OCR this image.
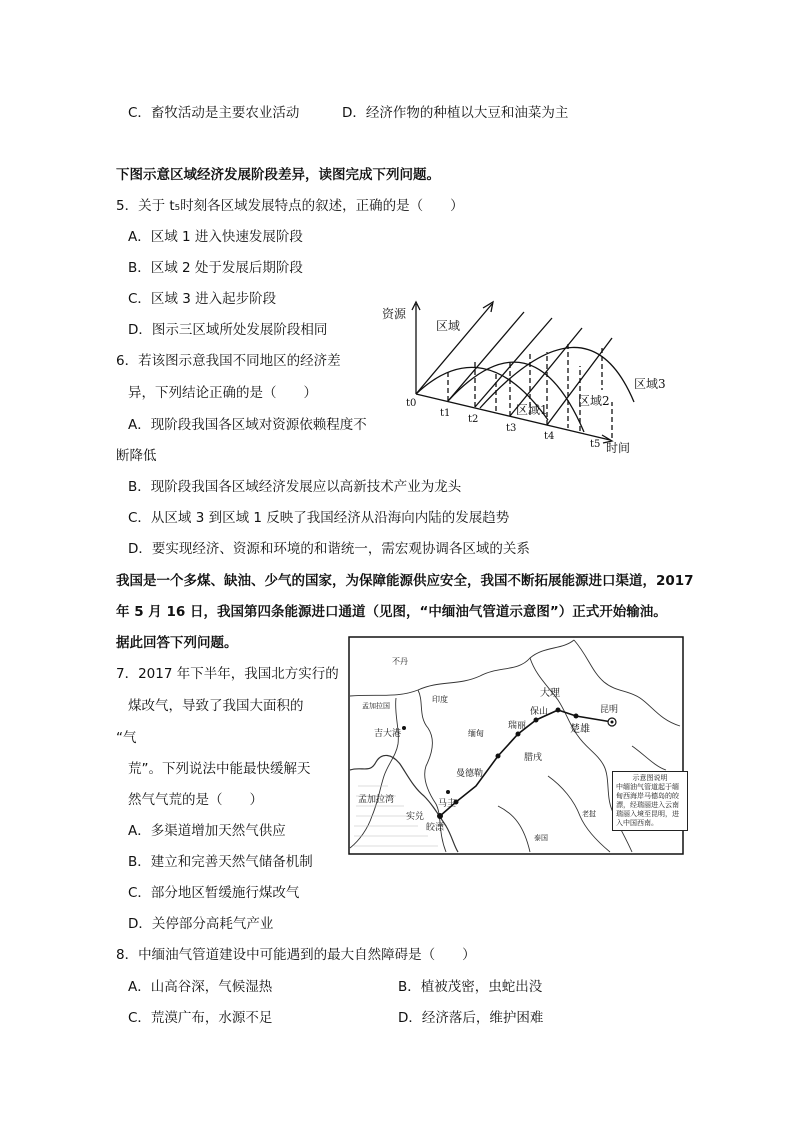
C．畜牧活动是主要农业活动	D．经济作物的种植以大豆和油菜为主
下图示意区域经济发展阶段差异，读图完成下列问题。
5．关于 t₅时刻各区域发展特点的叙述，正确的是（　　）
A．区域 1 进入快速发展阶段
B．区域 2 处于发展后期阶段
C．区域 3 进入起步阶段
D．图示三区域所处发展阶段相同
6．若该图示意我国不同地区的经济差
异，下列结论正确的是（　　）
A．现阶段我国各区域对资源依赖程度不
断降低
B．现阶段我国各区域经济发展应以高新技术产业为龙头
C．从区域 3 到区域 1 反映了我国经济从沿海向内陆的发展趋势
D．要实现经济、资源和环境的和谐统一，需宏观协调各区域的关系
资源
区域
区域1
区域2
区域3
时间
t0
t1
t2
t3
t4
t5
我国是一个多煤、缺油、少气的国家，为保障能源供应安全，我国不断拓展能源进口渠道，2017
年 5 月 16 日，我国第四条能源进口通道（见图，“中缅油气管道示意图”）正式开始输油。
据此回答下列问题。
7．2017 年下半年，我国北方实行的
煤改气，导致了我国大面积的
“气
荒”。下列说法中能最快缓解天
然气气荒的是（　　）
A．多渠道增加天然气供应
B．建立和完善天然气储备机制
C．部分地区暂缓施行煤改气
D．关停部分高耗气产业
不丹
印度
孟加拉国
吉大港
孟加拉湾
缅甸
曼德勒
马圭
皎漂
实兑
瑞丽
保山
大理
楚雄
昆明
腊戌
老挝
泰国
示意图说明
中缅油气管道起于缅甸西海岸马德岛的皎漂，经瑞丽进入云南瑞丽入境至昆明，进入中国西南。
8．中缅油气管道建设中可能遇到的最大自然障碍是（　　）
A．山高谷深，气候湿热	B．植被茂密，虫蛇出没
C．荒漠广布，水源不足	D．经济落后，维护困难
